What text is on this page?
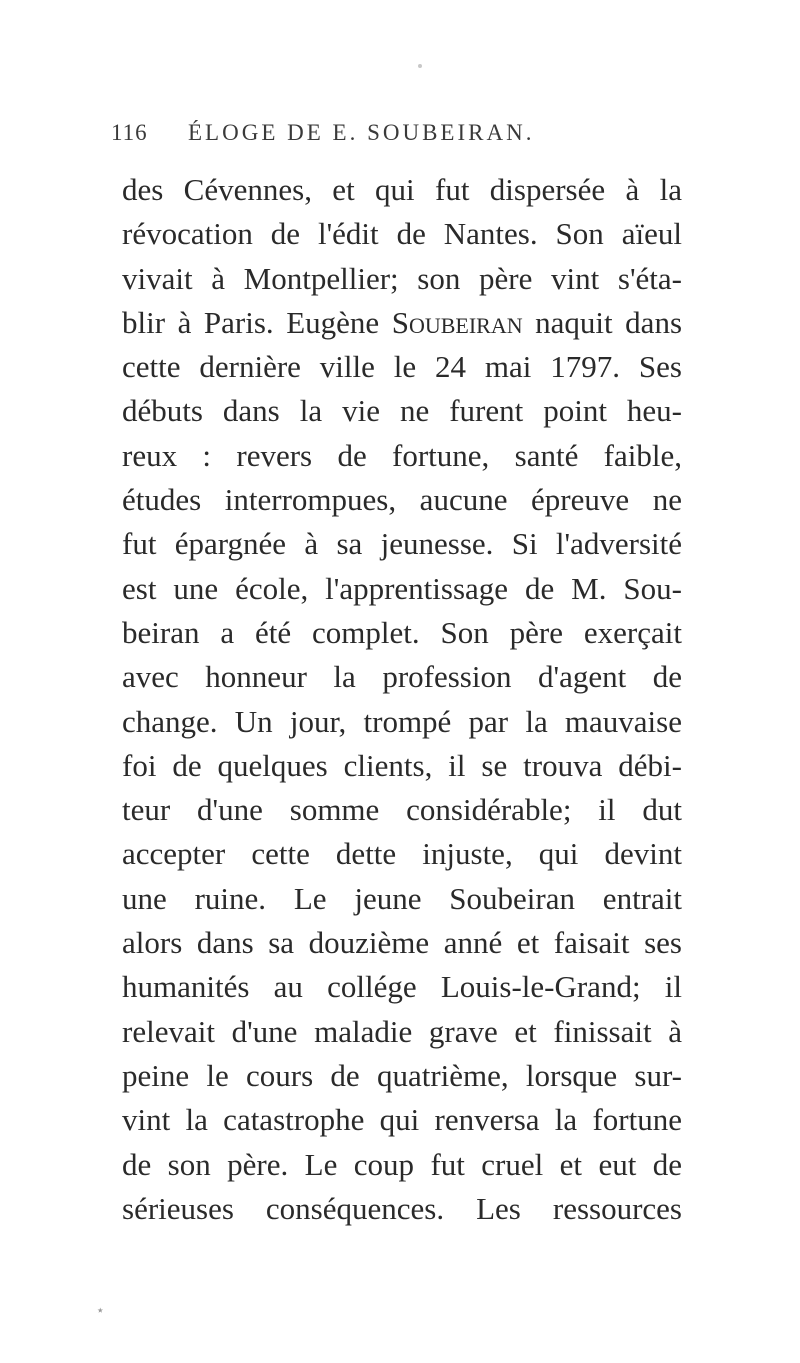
116 ÉLOGE DE E. SOUBEIRAN.
des Cévennes, et qui fut dispersée à la
révocation de l'édit de Nantes. Son aïeul
vivait à Montpellier; son père vint s'éta-
blir à Paris. Eugène Soubeiran naquit dans
cette dernière ville le 24 mai 1797. Ses
débuts dans la vie ne furent point heu-
reux : revers de fortune, santé faible,
études interrompues, aucune épreuve ne
fut épargnée à sa jeunesse. Si l'adversité
est une école, l'apprentissage de M. Sou-
beiran a été complet. Son père exerçait
avec honneur la profession d'agent de
change. Un jour, trompé par la mauvaise
foi de quelques clients, il se trouva débi-
teur d'une somme considérable; il dut
accepter cette dette injuste, qui devint
une ruine. Le jeune Soubeiran entrait
alors dans sa douzième anné et faisait ses
humanités au collége Louis-le-Grand; il
relevait d'une maladie grave et finissait à
peine le cours de quatrième, lorsque sur-
vint la catastrophe qui renversa la fortune
de son père. Le coup fut cruel et eut de
sérieuses conséquences. Les ressources
٭
